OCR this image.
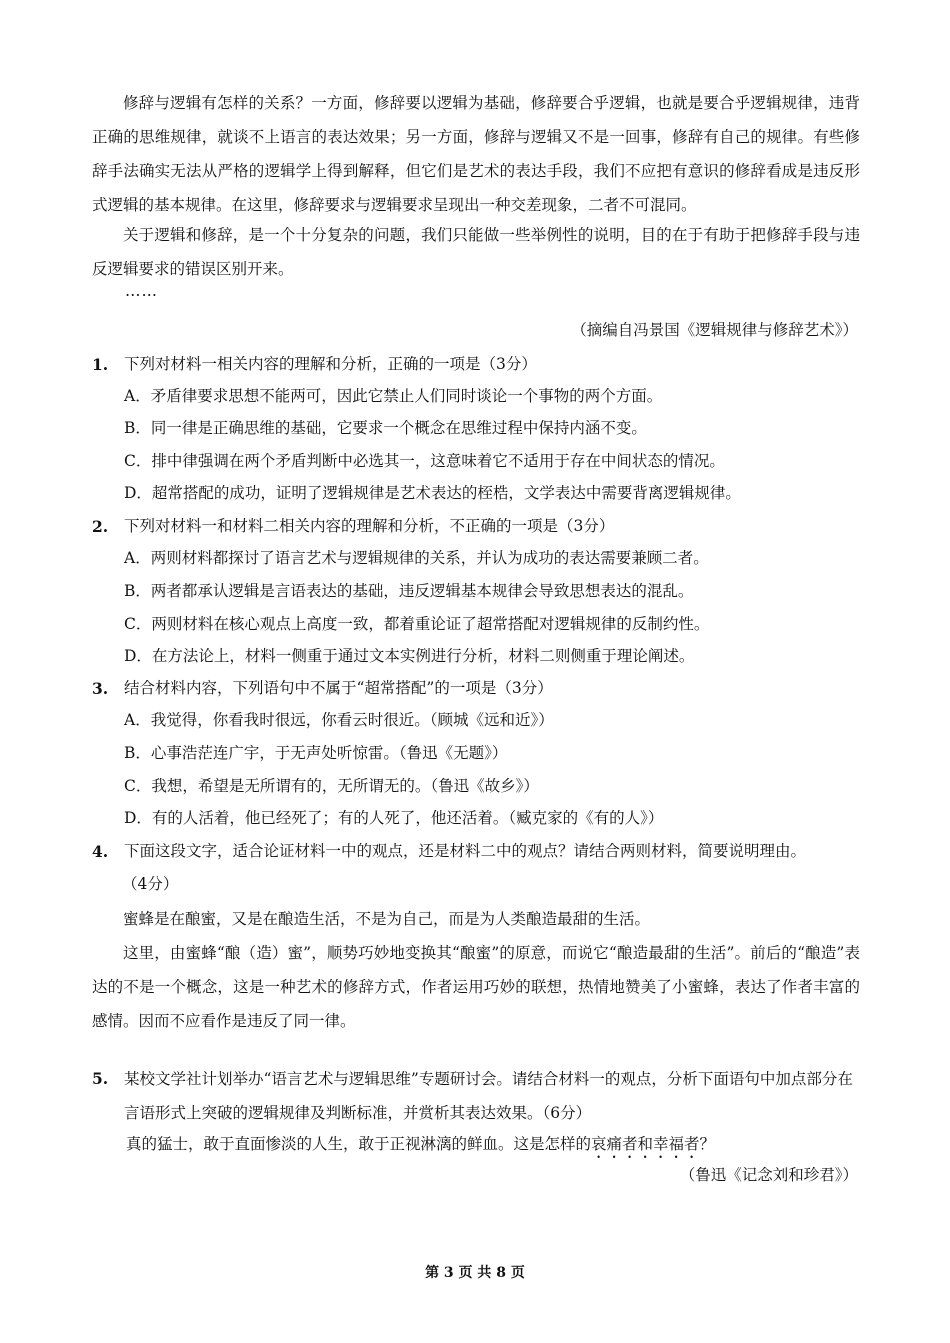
修辞与逻辑有怎样的关系？一方面，修辞要以逻辑为基础，修辞要合乎逻辑，也就是要合乎逻辑规律，违背正确的思维规律，就谈不上语言的表达效果；另一方面，修辞与逻辑又不是一回事，修辞有自己的规律。有些修辞手法确实无法从严格的逻辑学上得到解释，但它们是艺术的表达手段，我们不应把有意识的修辞看成是违反形式逻辑的基本规律。在这里，修辞要求与逻辑要求呈现出一种交差现象，二者不可混同。
关于逻辑和修辞，是一个十分复杂的问题，我们只能做一些举例性的说明，目的在于有助于把修辞手段与违反逻辑要求的错误区别开来。
……
（摘编自冯景国《逻辑规律与修辞艺术》）
1. 下列对材料一相关内容的理解和分析，正确的一项是（3分）
A．矛盾律要求思想不能两可，因此它禁止人们同时谈论一个事物的两个方面。
B．同一律是正确思维的基础，它要求一个概念在思维过程中保持内涵不变。
C．排中律强调在两个矛盾判断中必选其一，这意味着它不适用于存在中间状态的情况。
D．超常搭配的成功，证明了逻辑规律是艺术表达的桎梏，文学表达中需要背离逻辑规律。
2. 下列对材料一和材料二相关内容的理解和分析，不正确的一项是（3分）
A．两则材料都探讨了语言艺术与逻辑规律的关系，并认为成功的表达需要兼顾二者。
B．两者都承认逻辑是言语表达的基础，违反逻辑基本规律会导致思想表达的混乱。
C．两则材料在核心观点上高度一致，都着重论证了超常搭配对逻辑规律的反制约性。
D．在方法论上，材料一侧重于通过文本实例进行分析，材料二则侧重于理论阐述。
3. 结合材料内容，下列语句中不属于“超常搭配”的一项是（3分）
A．我觉得，你看我时很远，你看云时很近。（顾城《远和近》）
B．心事浩茫连广宇，于无声处听惊雷。（鲁迅《无题》）
C．我想，希望是无所谓有的，无所谓无的。（鲁迅《故乡》）
D．有的人活着，他已经死了；有的人死了，他还活着。（臧克家的《有的人》）
4. 下面这段文字，适合论证材料一中的观点，还是材料二中的观点？请结合两则材料，简要说明理由。
（4分）
蜜蜂是在酿蜜，又是在酿造生活，不是为自己，而是为人类酿造最甜的生活。
这里，由蜜蜂“酿（造）蜜”，顺势巧妙地变换其“酿蜜”的原意，而说它“酿造最甜的生活”。前后的“酿造”表达的不是一个概念，这是一种艺术的修辞方式，作者运用巧妙的联想，热情地赞美了小蜜蜂，表达了作者丰富的感情。因而不应看作是违反了同一律。
5. 某校文学社计划举办“语言艺术与逻辑思维”专题研讨会。请结合材料一的观点，分析下面语句中加点部分在言语形式上突破的逻辑规律及判断标准，并赏析其表达效果。（6分）
真的猛士，敢于直面惨淡的人生，敢于正视淋漓的鲜血。这是怎样的哀痛者和幸福者？
（鲁迅《记念刘和珍君》）
第 3 页 共 8 页
